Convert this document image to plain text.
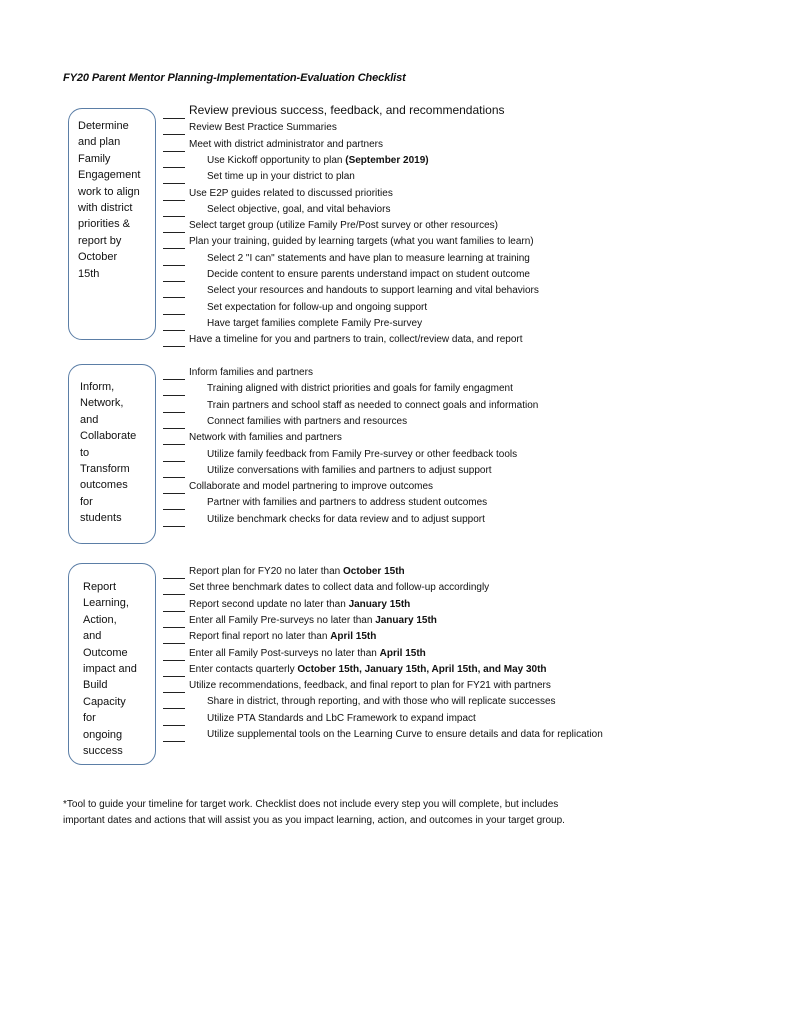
FY20 Parent Mentor Planning-Implementation-Evaluation Checklist
Determine
and plan
Family
Engagement
work to align
with district
priorities &
report by
October
15th
Inform,
Network,
and
Collaborate
to
Transform
outcomes
for
students
Report
Learning,
Action,
and
Outcome
impact and
Build
Capacity
for
ongoing
success
Review previous success, feedback, and recommendations
Review Best Practice Summaries
Meet with district administrator and partners
Use Kickoff opportunity to plan (September 2019)
Set time up in your district to plan
Use E2P guides related to discussed priorities
Select objective, goal, and vital behaviors
Select target group (utilize Family Pre/Post survey or other resources)
Plan your training, guided by learning targets (what you want families to learn)
Select 2 "I can" statements and have plan to measure learning at training
Decide content to ensure parents understand impact on student outcome
Select your resources and handouts to support learning and vital behaviors
Set expectation for follow-up and ongoing support
Have target families complete Family Pre-survey
Have a timeline for you and partners to train, collect/review data, and report
Inform families and partners
Training aligned with district priorities and goals for family engagment
Train partners and school staff as needed to connect goals and information
Connect families with partners and resources
Network with families and partners
Utilize family feedback from Family Pre-survey or other feedback tools
Utilize conversations with families and partners to adjust support
Collaborate and model partnering to improve outcomes
Partner with families and partners to address student outcomes
Utilize benchmark checks for data review and to adjust support
Report plan for FY20 no later than October 15th
Set three benchmark dates to collect data and follow-up accordingly
Report second update no later than January 15th
Enter all Family Pre-surveys no later than January 15th
Report final report no later than April 15th
Enter all Family Post-surveys no later than April 15th
Enter contacts quarterly October 15th, January 15th, April 15th, and May 30th
Utilize recommendations, feedback, and final report to plan for FY21 with partners
Share in district, through reporting, and with those who will replicate successes
Utilize PTA Standards and LbC Framework to expand impact
Utilize supplemental tools on the Learning Curve to ensure details and data for replication
*Tool to guide your timeline for target work. Checklist does not include every step you will complete, but includes
important dates and actions that will assist you as you impact learning, action, and outcomes in your target group.
